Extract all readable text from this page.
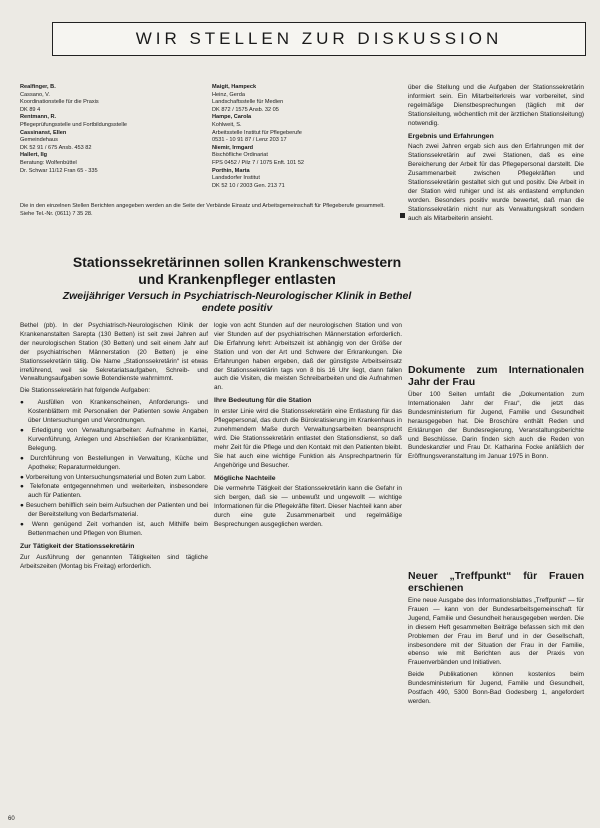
WIR STELLEN ZUR DISKUSSION
Realfinger, B.
Cassano, V.
Koordinationstelle für die Praxis
DK 89 4
Rentmann, R.
Pflegeprüfungsstelle und Fortbildungsstelle
Cassinanst, Ellen
Gemeindehaus
DK 52 91 / 675 Ansb. 453 82
Hallert, Ilg
Beratung: Wolfenbüttel
Dr. Schwar 11/12 Fran 65 - 335
Maigit, Hampeck
Heinz, Gerda
Landschaftsstelle für Medien
DK 872 / 1575 Ansb. 32 05
Hampe, Carola
Kohlweit, S.
Arbeitsstelle Institut für Pflegeberufe
0531 - 10 91 87 / Lenz 203 17
Niemir, Irmgard
Bischöfliche Ordinariat
FPS 0452 / Pilz 7 / 1075 Enft. 101 52
Porthin, Marta
Landsdorfer Institut
DK 52 10 / 2003 Gen. 213 71
Die in den einzelnen Stellen Berichten angegeben werden an die Seite der Verbände Einsatz und Arbeitsgemeinschaft für Pflegeberufe gesammelt. Siehe Tel.-Nr. (0611) 7 35 28.
Stationssekretärinnen sollen Krankenschwestern und Krankenpfleger entlasten
Zweijähriger Versuch in Psychiatrisch-Neurologischer Klinik in Bethel endete positiv

Bethel (pb). In der Psychiatrisch-Neurologischen Klinik der Krankenanstalten Sarepta (130 Betten) ist seit zwei Jahren auf der neurologischen Station (30 Betten) und seit einem Jahr auf der psychiatrischen Männerstation (20 Betten) je eine Stationssekretärin tätig. Die Name „Stationssekretärin“ ist etwas irreführend, weil sie Sekretariatsaufgaben, Schreib- und Verwaltungsaufgaben sowie Botendienste wahrnimmt.

Die Stationssekretärin hat folgende Aufgaben:

● Ausfüllen von Krankenscheinen, Anforderungs- und Kostenblättern mit Personalien der Patienten sowie Angaben über Untersuchungen und Verordnungen.
● Erledigung von Verwaltungsarbeiten: Aufnahme in Kartei, Kurvenführung, Anlegen und Abschließen der Krankenblätter, Belegung.
● Durchführung von Bestellungen in Verwaltung, Küche und Apotheke; Reparaturmeldungen.
● Vorbereitung von Untersuchungsmaterial und Boten zum Labor.
● Telefonate entgegennehmen und weiterleiten, insbesondere auch für Patienten.
● Besuchern behilflich sein beim Aufsuchen der Patienten und bei der Bereitstellung von Bedarfsmaterial.
● Wenn genügend Zeit vorhanden ist, auch Mithilfe beim Bettenmachen und Pflegen von Blumen.
Zur Tätigkeit der Stationssekretärin

Zur Ausführung der genannten Tätigkeiten sind tägliche Arbeitszeiten (Montag bis Freitag) erforderlich.

logie von acht Stunden auf der neurologischen Station und von vier Stunden auf der psychiatrischen Männerstation erforderlich. Die Erfahrung lehrt: Arbeitszeit ist abhängig von der Größe der Station und von der Art und Schwere der Erkrankungen. Die Erfahrungen haben ergeben, daß der günstigste Arbeitseinsatz der Stationssekretärin tags von 8 bis 16 Uhr liegt, dann fallen auch die Visiten, die meisten Schreibarbeiten und die Aufnahmen an.

Ihre Bedeutung für die Station

In erster Linie wird die Stationssekretärin eine Entlastung für das Pflegepersonal, das durch die Bürokratisierung im Krankenhaus in zunehmendem Maße durch Verwaltungsarbeiten beansprucht wird. Die Stationssekretärin entlastet den Stationsdienst, so daß mehr Zeit für die Pflege und den Kontakt mit den Patienten bleibt. Sie hat auch eine wichtige Funktion als Ansprechpartnerin für Angehörige und Besucher.

Mögliche Nachteile

Die vermehrte Tätigkeit der Stationssekretärin kann die Gefahr in sich bergen, daß sie — unbewußt und ungewollt — wichtige Informationen für die Pflegekräfte filtert. Dieser Nachteil kann aber durch eine gute Zusammenarbeit und regelmäßige Besprechungen ausgeglichen werden.

über die Stellung und die Aufgaben der Stationssekretärin informiert sein. Ein Mitarbeiterkreis war vorbereitet, sind regelmäßige Dienstbesprechungen (täglich mit der Stationsleitung, wöchentlich mit der ärztlichen Stationsleitung) notwendig.

Ergebnis und Erfahrungen

Nach zwei Jahren ergab sich aus den Erfahrungen mit der Stationssekretärin auf zwei Stationen, daß es eine Bereicherung der Arbeit für das Pflegepersonal darstellt. Die Zusammenarbeit zwischen Pflegekräften und Stationssekretärin gestaltet sich gut und positiv. Die Arbeit in der Station wird ruhiger und ist als entlastend empfunden worden. Besonders positiv wurde bewertet, daß man die Stationssekretärin nicht nur als Verwaltungskraft sondern auch als Mitarbeiterin ansieht.

Dokumente zum Internationalen Jahr der Frau

Über 100 Seiten umfaßt die „Dokumentation zum Internationalen Jahr der Frau“, die jetzt das Bundesministerium für Jugend, Familie und Gesundheit herausgegeben hat. Die Broschüre enthält Reden und Erklärungen der Bundesregierung, Veranstaltungsberichte und Beschlüsse. Darin finden sich auch die Reden von Bundeskanzler und Frau Dr. Katharina Focke anläßlich der Eröffnungsveranstaltung im Januar 1975 in Bonn.

Neuer „Treffpunkt“ für Frauen erschienen

Eine neue Ausgabe des Informationsblattes „Treffpunkt“ — für Frauen — kann von der Bundesarbeitsgemeinschaft für Jugend, Familie und Gesundheit herausgegeben werden. Die in diesem Heft gesammelten Beiträge befassen sich mit den Problemen der Frau im Beruf und in der Gesellschaft, insbesondere mit der Situation der Frau in der Familie, ebenso wie mit Berichten aus der Praxis von Frauenverbänden und Initiativen.

Beide Publikationen können kostenlos beim Bundesministerium für Jugend, Familie und Gesundheit, Postfach 490, 5300 Bonn-Bad Godesberg 1, angefordert werden.

60
